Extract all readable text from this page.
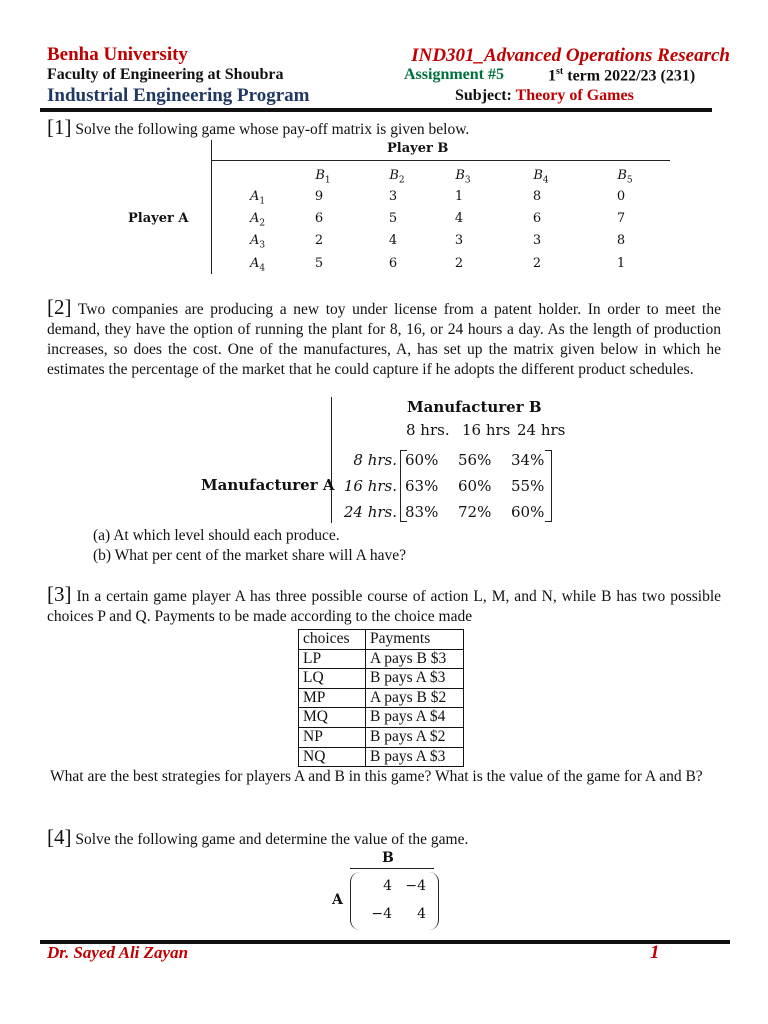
Benha University
Faculty of Engineering at Shoubra
Industrial Engineering Program
IND301_Advanced Operations Research
Assignment #5	1st term 2022/23 (231)
Subject: Theory of Games
[1] Solve the following game whose pay-off matrix is given below.
Player B
Player A
$B_1$	$B_2$	$B_3$	$B_4$	$B_5$
$A_1$	9	3	1	8	0
$A_2$	6	5	4	6	7
$A_3$	2	4	3	3	8
$A_4$	5	6	2	2	1
[2] Two companies are producing a new toy under license from a patent holder. In order to meet the demand, they have the option of running the plant for 8, 16, or 24 hours a day. As the length of production increases, so does the cost. One of the manufactures, A, has set up the matrix given below in which he estimates the percentage of the market that he could capture if he adopts the different product schedules.
Manufacturer B
Manufacturer A
8 hrs. 16 hrs 24 hrs
8 hrs. 60% 56% 34%
16 hrs. 63% 60% 55%
24 hrs. 83% 72% 60%
(a) At which level should each produce.
(b) What per cent of the market share will A have?
[3] In a certain game player A has three possible course of action L, M, and N, while B has two possible choices P and Q. Payments to be made according to the choice made
choices	Payments
LP	A pays B $3
LQ	B pays A $3
MP	A pays B $2
MQ	B pays A $4
NP	B pays A $2
NQ	B pays A $3
What are the best strategies for players A and B in this game? What is the value of the game for A and B?
[4] Solve the following game and determine the value of the game.
B
A
4 −4
−4	4
Dr. Sayed Ali Zayan	1
